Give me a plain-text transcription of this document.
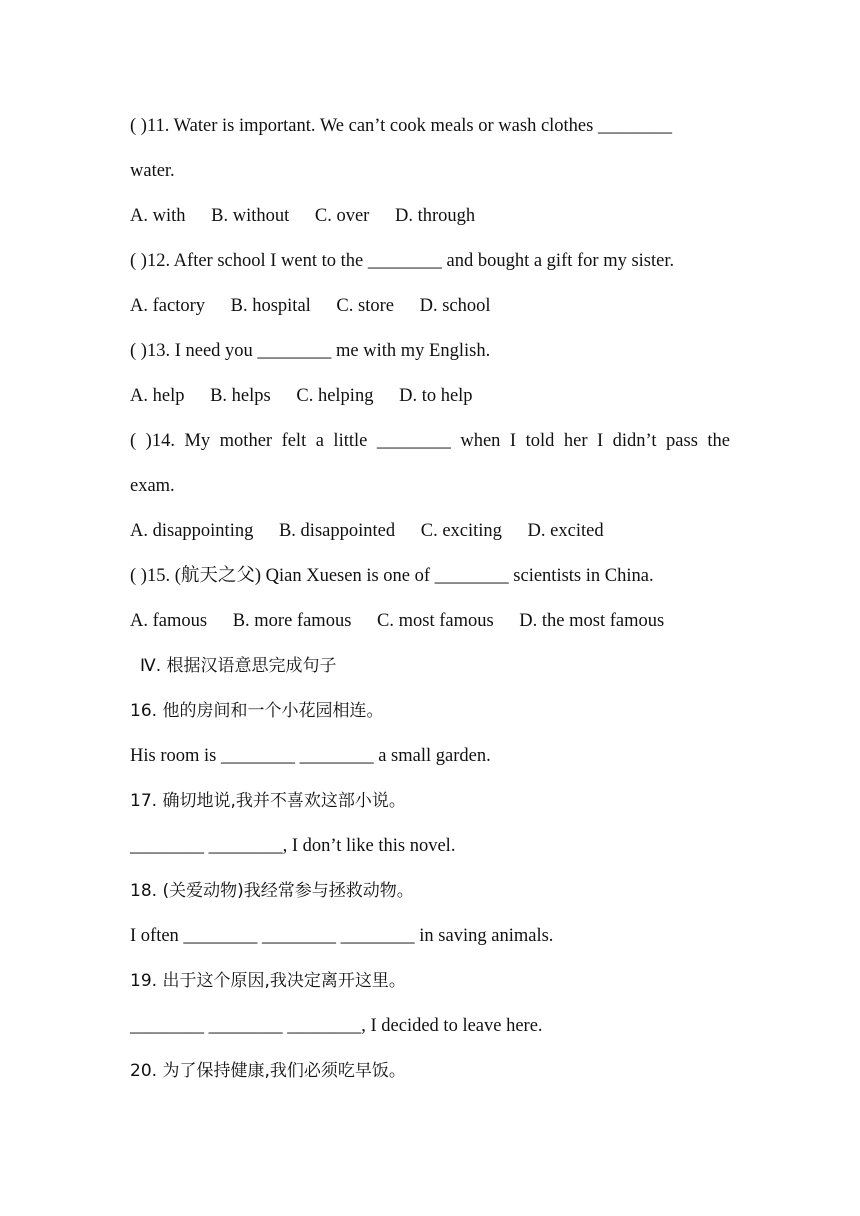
( )11. Water is important. We can’t cook meals or wash clothes ________
water.
A. with B. without C. over D. through
( )12. After school I went to the ________ and bought a gift for my sister.
A. factory B. hospital C. store D. school
( )13. I need you ________ me with my English.
A. help B. helps C. helping D. to help
( )14. My mother felt a little ________ when I told her I didn’t pass the
exam.
A. disappointing B. disappointed C. exciting D. excited
( )15. (航天之父) Qian Xuesen is one of ________ scientists in China.
A. famous B. more famous C. most famous D. the most famous
Ⅳ. 根据汉语意思完成句子
16. 他的房间和一个小花园相连。
His room is ________ ________ a small garden.
17. 确切地说,我并不喜欢这部小说。
________ ________, I don’t like this novel.
18. (关爱动物)我经常参与拯救动物。
I often ________ ________ ________ in saving animals.
19. 出于这个原因,我决定离开这里。
________ ________ ________, I decided to leave here.
20. 为了保持健康,我们必须吃早饭。
